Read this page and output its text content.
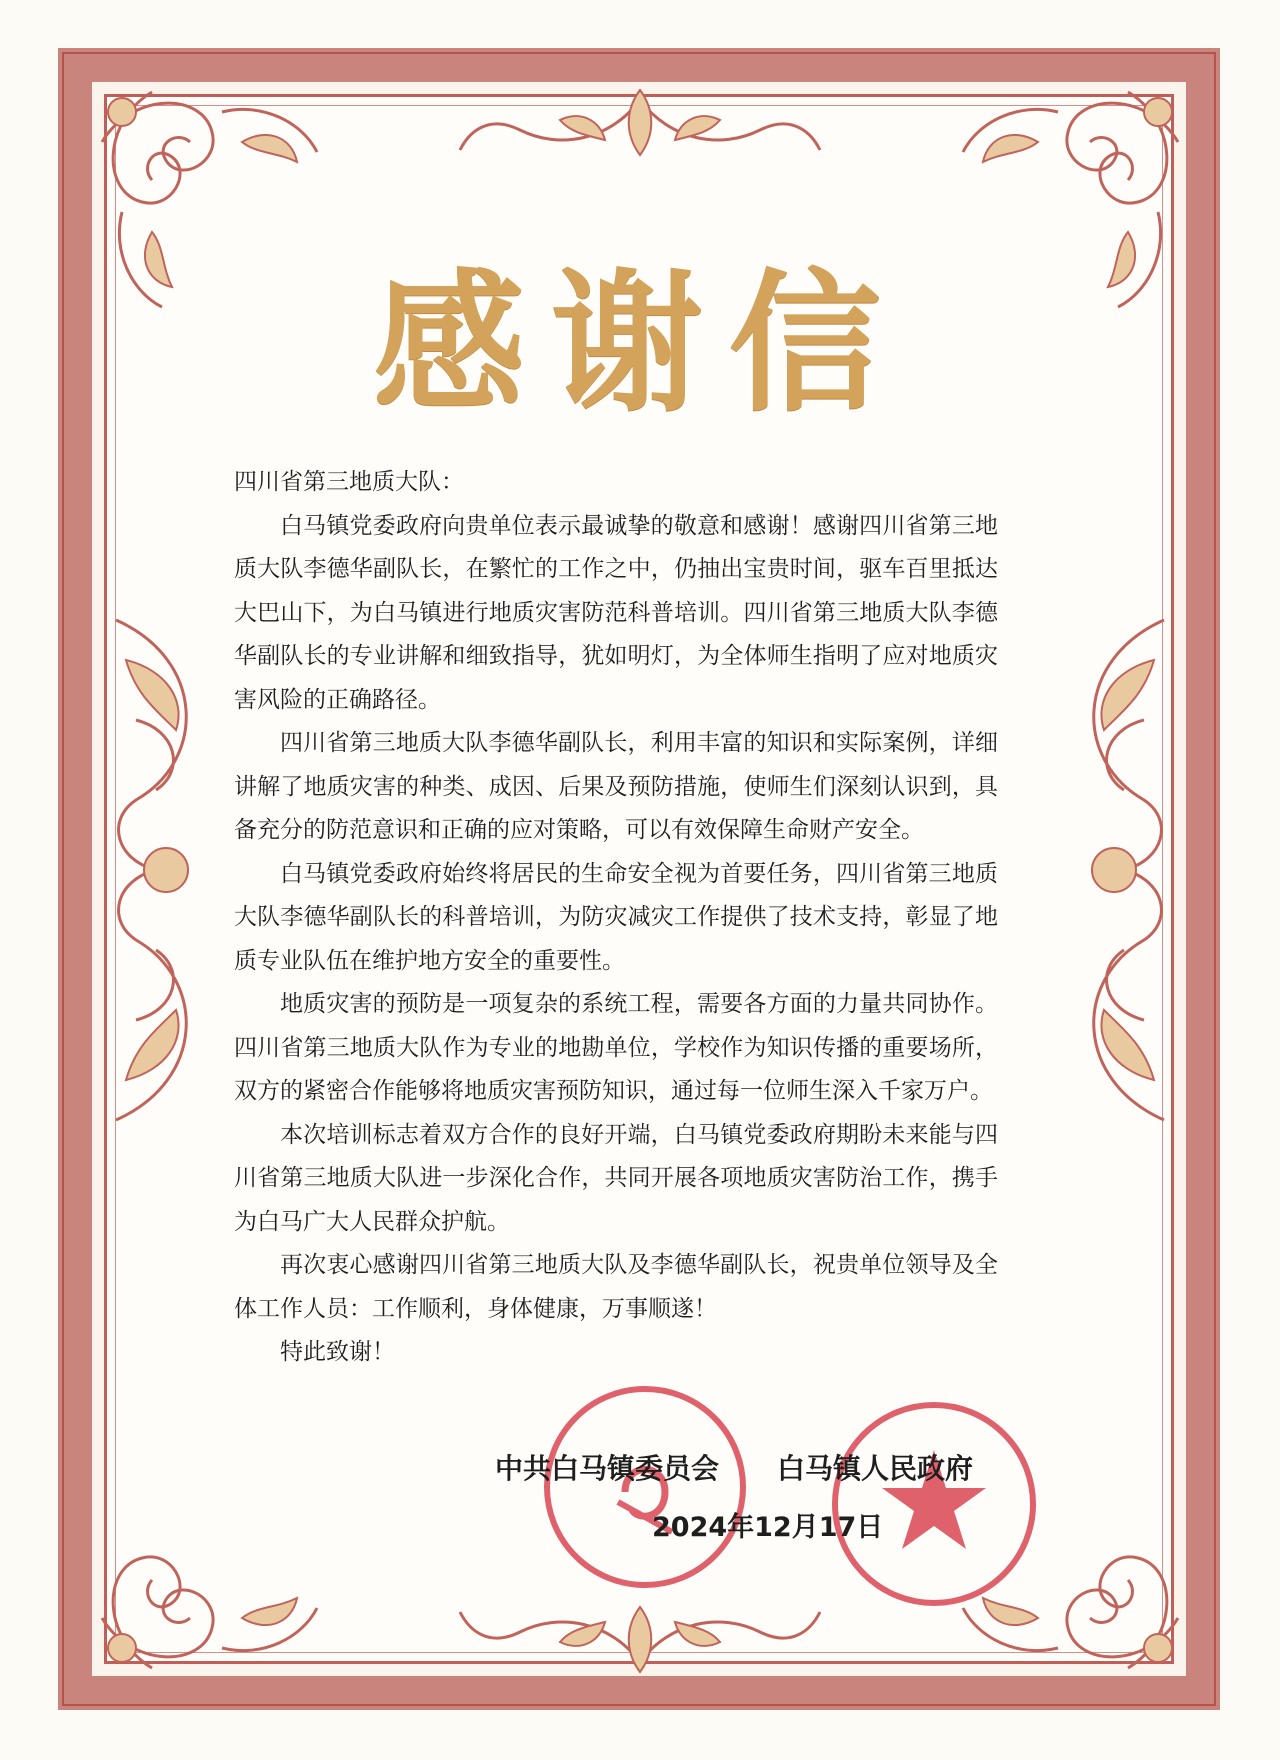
感谢信

四川省第三地质大队：

白马镇党委政府向贵单位表示最诚挚的敬意和感谢！感谢四川省第三地质大队李德华副队长，在繁忙的工作之中，仍抽出宝贵时间，驱车百里抵达大巴山下，为白马镇进行地质灾害防范科普培训。四川省第三地质大队李德华副队长的专业讲解和细致指导，犹如明灯，为全体师生指明了应对地质灾害风险的正确路径。

四川省第三地质大队李德华副队长，利用丰富的知识和实际案例，详细讲解了地质灾害的种类、成因、后果及预防措施，使师生们深刻认识到，具备充分的防范意识和正确的应对策略，可以有效保障生命财产安全。

白马镇党委政府始终将居民的生命安全视为首要任务，四川省第三地质大队李德华副队长的科普培训，为防灾减灾工作提供了技术支持，彰显了地质专业队伍在维护地方安全的重要性。

地质灾害的预防是一项复杂的系统工程，需要各方面的力量共同协作。四川省第三地质大队作为专业的地勘单位，学校作为知识传播的重要场所，双方的紧密合作能够将地质灾害预防知识，通过每一位师生深入千家万户。

本次培训标志着双方合作的良好开端，白马镇党委政府期盼未来能与四川省第三地质大队进一步深化合作，共同开展各项地质灾害防治工作，携手为白马广大人民群众护航。

再次衷心感谢四川省第三地质大队及李德华副队长，祝贵单位领导及全体工作人员：工作顺利，身体健康，万事顺遂！

特此致谢！

中共白马镇委员会 白马镇人民政府
2024年12月17日
